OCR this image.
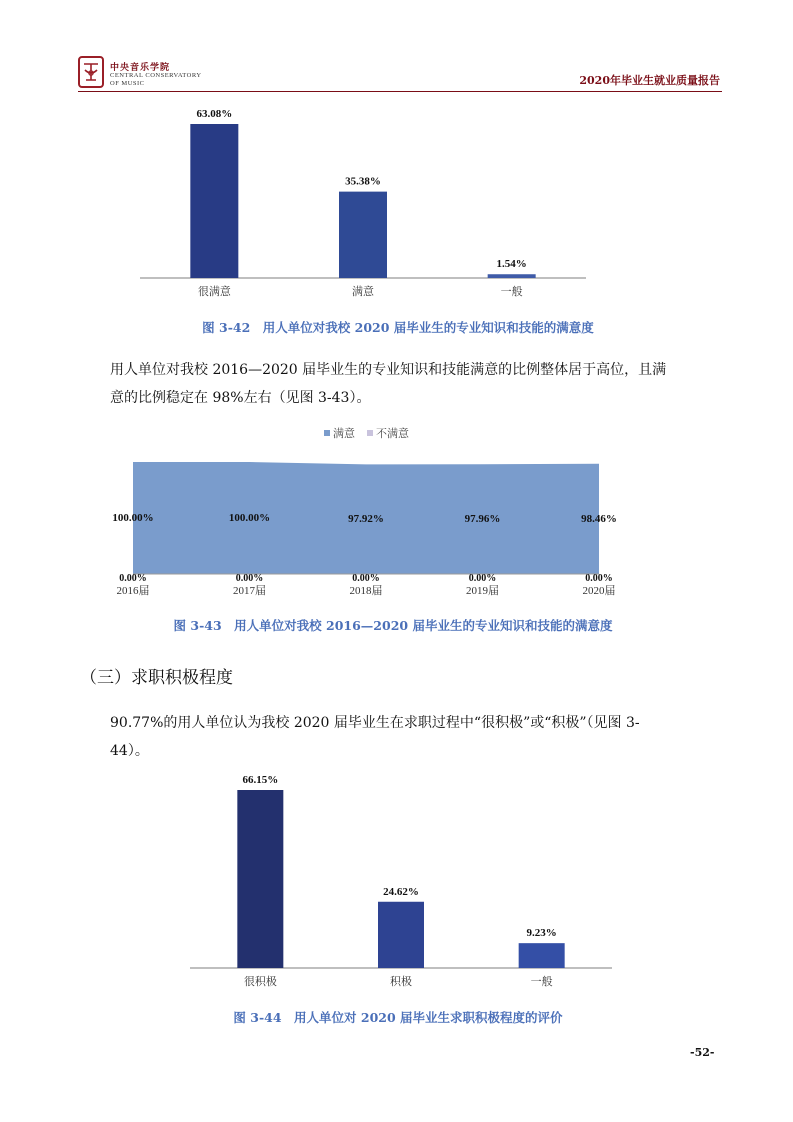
中央音乐学院
CENTRAL CONSERVATORY
OF MUSIC	2020年毕业生就业质量报告
63.08%
很满意
35.38%
满意
1.54%
一般
图 3-42　用人单位对我校 2020 届毕业生的专业知识和技能的满意度
用人单位对我校 2016—2020 届毕业生的专业知识和技能满意的比例整体居于高位，且满
意的比例稳定在 98%左右（见图 3-43）。
满意 不满意
100.00%
0.00%
2016届
100.00%
0.00%
2017届
97.92%
0.00%
2018届
97.96%
0.00%
2019届
98.46%
0.00%
2020届
图 3-43　用人单位对我校 2016—2020 届毕业生的专业知识和技能的满意度
（三）求职积极程度
90.77%的用人单位认为我校 2020 届毕业生在求职过程中“很积极”或“积极”（见图 3-
44）。
66.15%
很积极
24.62%
积极
9.23%
一般
图 3-44　用人单位对 2020 届毕业生求职积极程度的评价
-52-
